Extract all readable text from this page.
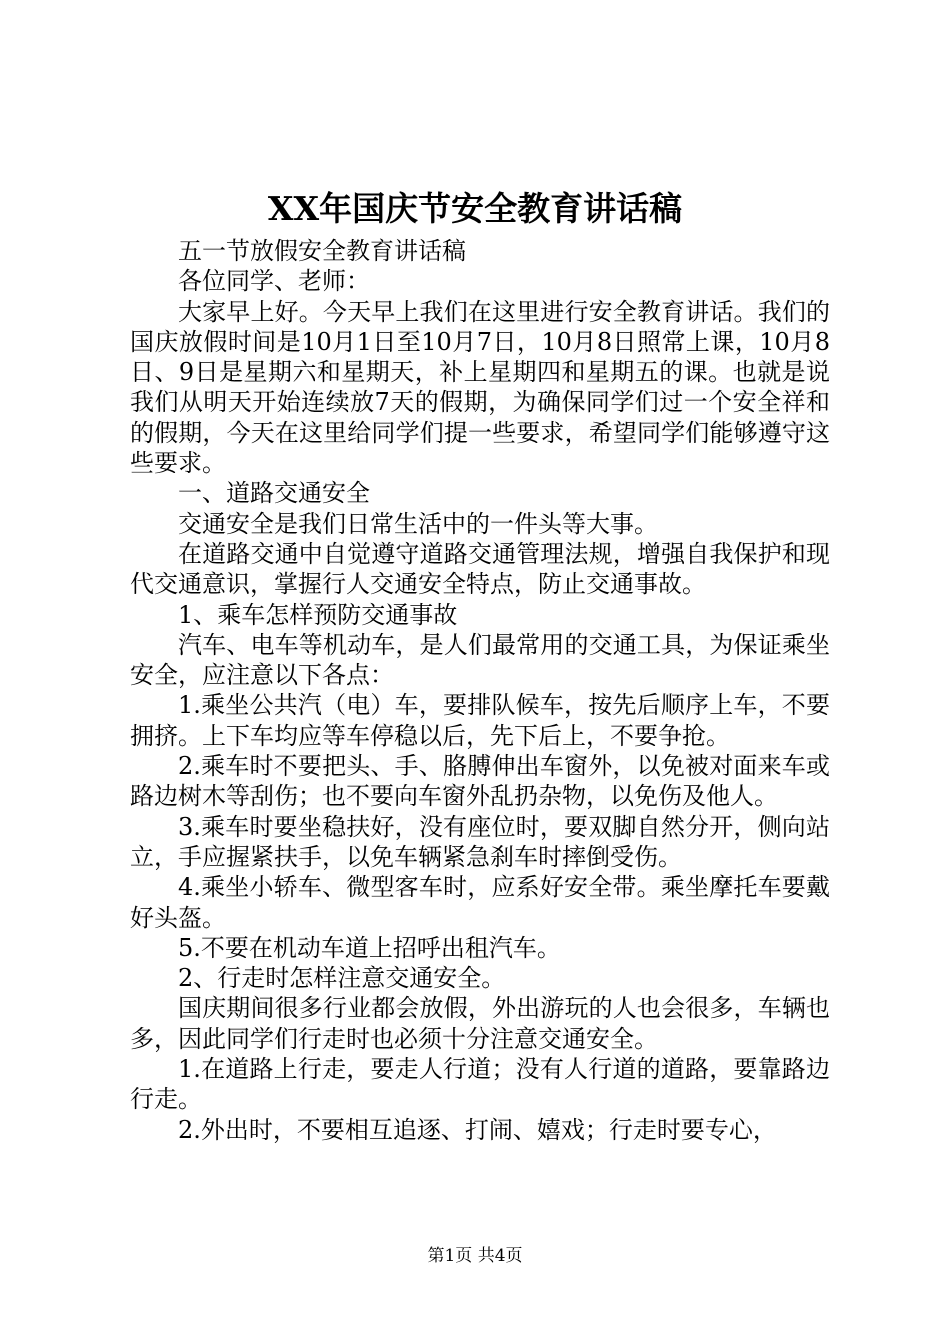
XX年国庆节安全教育讲话稿

五一节放假安全教育讲话稿

各位同学、老师：

大家早上好。今天早上我们在这里进行安全教育讲话。我们的国庆放假时间是10月1日至10月7日，10月8日照常上课，10月8日、9日是星期六和星期天，补上星期四和星期五的课。也就是说我们从明天开始连续放7天的假期，为确保同学们过一个安全祥和的假期，今天在这里给同学们提一些要求，希望同学们能够遵守这些要求。

一、道路交通安全

交通安全是我们日常生活中的一件头等大事。

在道路交通中自觉遵守道路交通管理法规，增强自我保护和现代交通意识，掌握行人交通安全特点，防止交通事故。

1、乘车怎样预防交通事故

汽车、电车等机动车，是人们最常用的交通工具，为保证乘坐安全，应注意以下各点：

1.乘坐公共汽（电）车，要排队候车，按先后顺序上车，不要拥挤。上下车均应等车停稳以后，先下后上，不要争抢。

2.乘车时不要把头、手、胳膊伸出车窗外，以免被对面来车或路边树木等刮伤；也不要向车窗外乱扔杂物，以免伤及他人。

3.乘车时要坐稳扶好，没有座位时，要双脚自然分开，侧向站立，手应握紧扶手，以免车辆紧急刹车时摔倒受伤。

4.乘坐小轿车、微型客车时，应系好安全带。乘坐摩托车要戴好头盔。

5.不要在机动车道上招呼出租汽车。

2、行走时怎样注意交通安全。

国庆期间很多行业都会放假，外出游玩的人也会很多，车辆也多，因此同学们行走时也必须十分注意交通安全。

1.在道路上行走，要走人行道；没有人行道的道路，要靠路边行走。

2.外出时，不要相互追逐、打闹、嬉戏；行走时要专心，

第1页 共4页
